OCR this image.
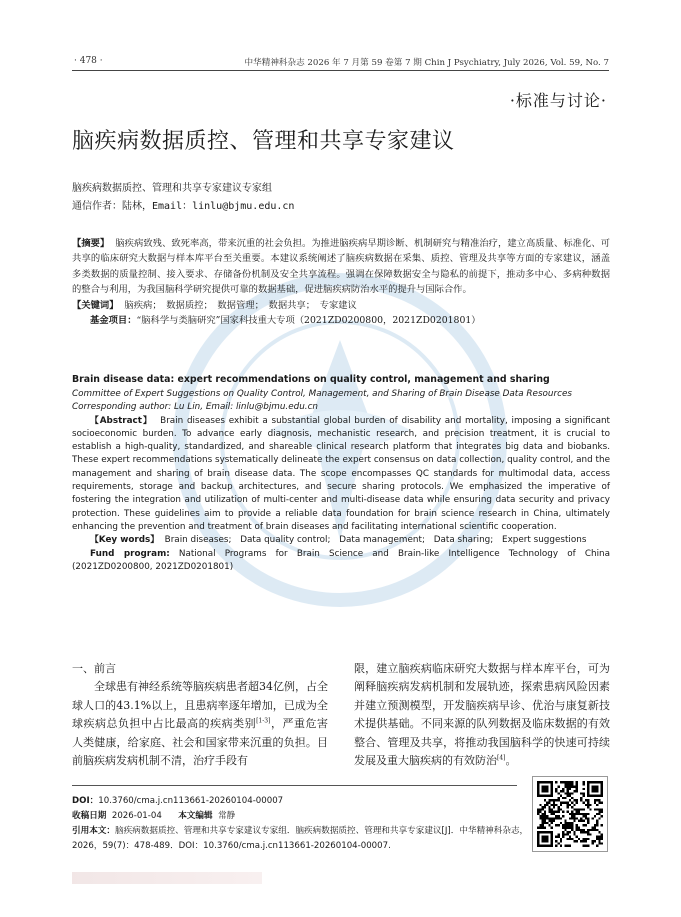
· 478 ·	中华精神科杂志 2026 年 7 月第 59 卷第 7 期 Chin J Psychiatry, July 2026, Vol. 59, No. 7
·标准与讨论·
脑疾病数据质控、管理和共享专家建议
脑疾病数据质控、管理和共享专家建议专家组
通信作者：陆林，Email：linlu@bjmu.edu.cn
【摘要】 脑疾病致残、致死率高，带来沉重的社会负担。为推进脑疾病早期诊断、机制研究与精准治疗，建立高质量、标准化、可共享的临床研究大数据与样本库平台至关重要。本建议系统阐述了脑疾病数据在采集、质控、管理及共享等方面的专家建议，涵盖多类数据的质量控制、接入要求、存储备份机制及安全共享流程。强调在保障数据安全与隐私的前提下，推动多中心、多病种数据的整合与利用，为我国脑科学研究提供可靠的数据基础，促进脑疾病防治水平的提升与国际合作。
【关键词】 脑疾病；　数据质控；　数据管理；　数据共享；　专家建议
基金项目：“脑科学与类脑研究”国家科技重大专项（2021ZD0200800，2021ZD0201801）
Brain disease data: expert recommendations on quality control, management and sharing
Committee of Expert Suggestions on Quality Control, Management, and Sharing of Brain Disease Data Resources
Corresponding author: Lu Lin, Email: linlu@bjmu.edu.cn
【Abstract】 Brain diseases exhibit a substantial global burden of disability and mortality, imposing a significant socioeconomic burden. To advance early diagnosis, mechanistic research, and precision treatment, it is crucial to establish a high-quality, standardized, and shareable clinical research platform that integrates big data and biobanks. These expert recommendations systematically delineate the expert consensus on data collection, quality control, and the management and sharing of brain disease data. The scope encompasses QC standards for multimodal data, access requirements, storage and backup architectures, and secure sharing protocols. We emphasized the imperative of fostering the integration and utilization of multi-center and multi-disease data while ensuring data security and privacy protection. These guidelines aim to provide a reliable data foundation for brain science research in China, ultimately enhancing the prevention and treatment of brain diseases and facilitating international scientific cooperation.
【Key words】 Brain diseases;　Data quality control;　Data management;　Data sharing;　Expert suggestions
Fund program: National Programs for Brain Science and Brain-like Intelligence Technology of China (2021ZD0200800, 2021ZD0201801)
一、前言
全球患有神经系统等脑疾病患者超34亿例，占全球人口的43.1%以上，且患病率逐年增加，已成为全球疾病总负担中占比最高的疾病类别[1-3]，严重危害人类健康，给家庭、社会和国家带来沉重的负担。目前脑疾病发病机制不清，治疗手段有
限，建立脑疾病临床研究大数据与样本库平台，可为阐释脑疾病发病机制和发展轨迹，探索患病风险因素并建立预测模型，开发脑疾病早诊、优治与康复新技术提供基础。不同来源的队列数据及临床数据的有效整合、管理及共享，将推动我国脑科学的快速可持续发展及重大脑疾病的有效防治[4]。
DOI：10.3760/cma.j.cn113661-20260104-00007
收稿日期 2026-01-04 本文编辑 常静
引用本文：脑疾病数据质控、管理和共享专家建议专家组．脑疾病数据质控、管理和共享专家建议[J]．中华精神科杂志，2026，59(7)：478-489．DOI：10.3760/cma.j.cn113661-20260104-00007.
